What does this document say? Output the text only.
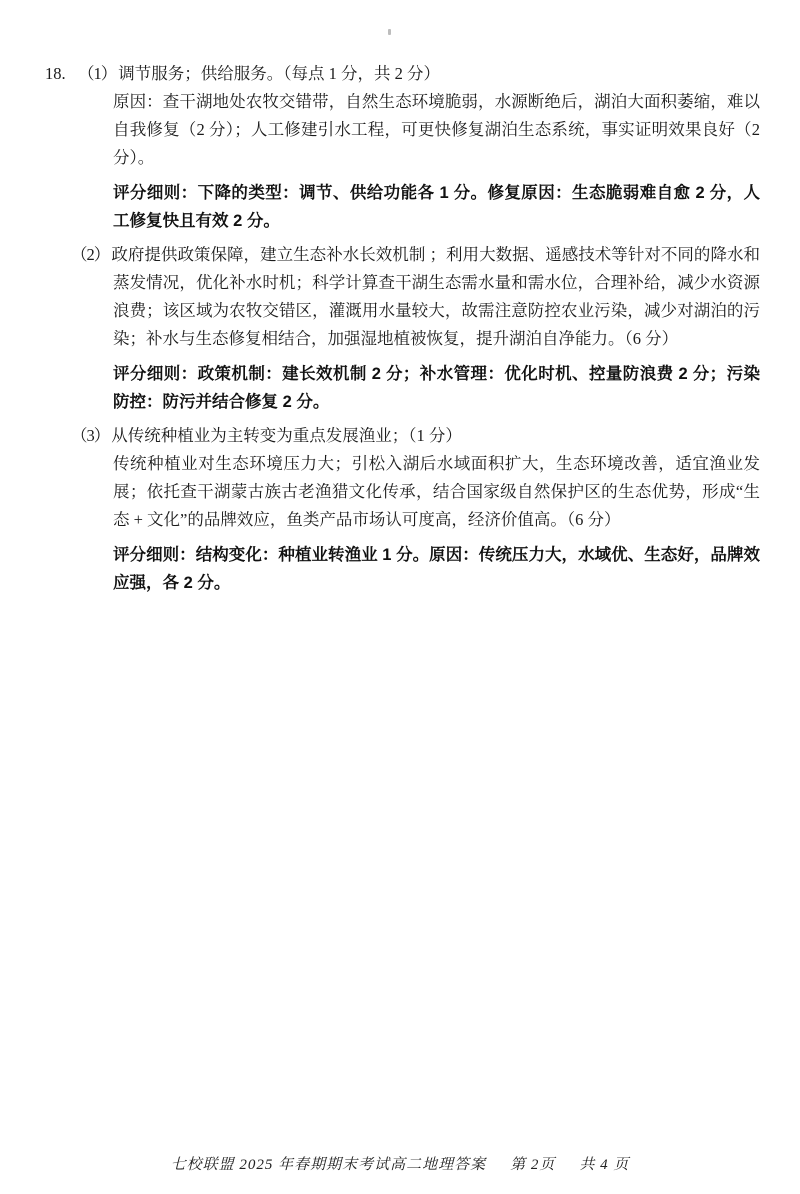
18. （1） 调节服务；供给服务。（每点 1 分，共 2 分）

原因：查干湖地处农牧交错带，自然生态环境脆弱，水源断绝后，湖泊大面积萎缩，难以自我修复（2 分）；人工修建引水工程，可更快修复湖泊生态系统，事实证明效果良好（2 分）。

评分细则：下降的类型：调节、供给功能各 1 分。修复原因：生态脆弱难自愈 2 分，人工修复快且有效 2 分。

（2） 政府提供政策保障，建立生态补水长效机制 ；利用大数据、遥感技术等针对不同的降水和蒸发情况，优化补水时机；科学计算查干湖生态需水量和需水位，合理补给，减少水资源浪费；该区域为农牧交错区，灌溉用水量较大，故需注意防控农业污染，减少对湖泊的污染；补水与生态修复相结合，加强湿地植被恢复，提升湖泊自净能力。（6 分）

评分细则：政策机制：建长效机制 2 分；补水管理：优化时机、控量防浪费 2 分；污染防控：防污并结合修复 2 分。

（3） 从传统种植业为主转变为重点发展渔业；（1 分）

传统种植业对生态环境压力大；引松入湖后水域面积扩大，生态环境改善，适宜渔业发展；依托查干湖蒙古族古老渔猎文化传承，结合国家级自然保护区的生态优势，形成“生态 + 文化”的品牌效应，鱼类产品市场认可度高，经济价值高。（6 分）

评分细则：结构变化：种植业转渔业 1 分。原因：传统压力大，水域优、生态好，品牌效应强，各 2 分。

七校联盟 2025 年春期期末考试高二地理答案 第 2页 共 4 页
